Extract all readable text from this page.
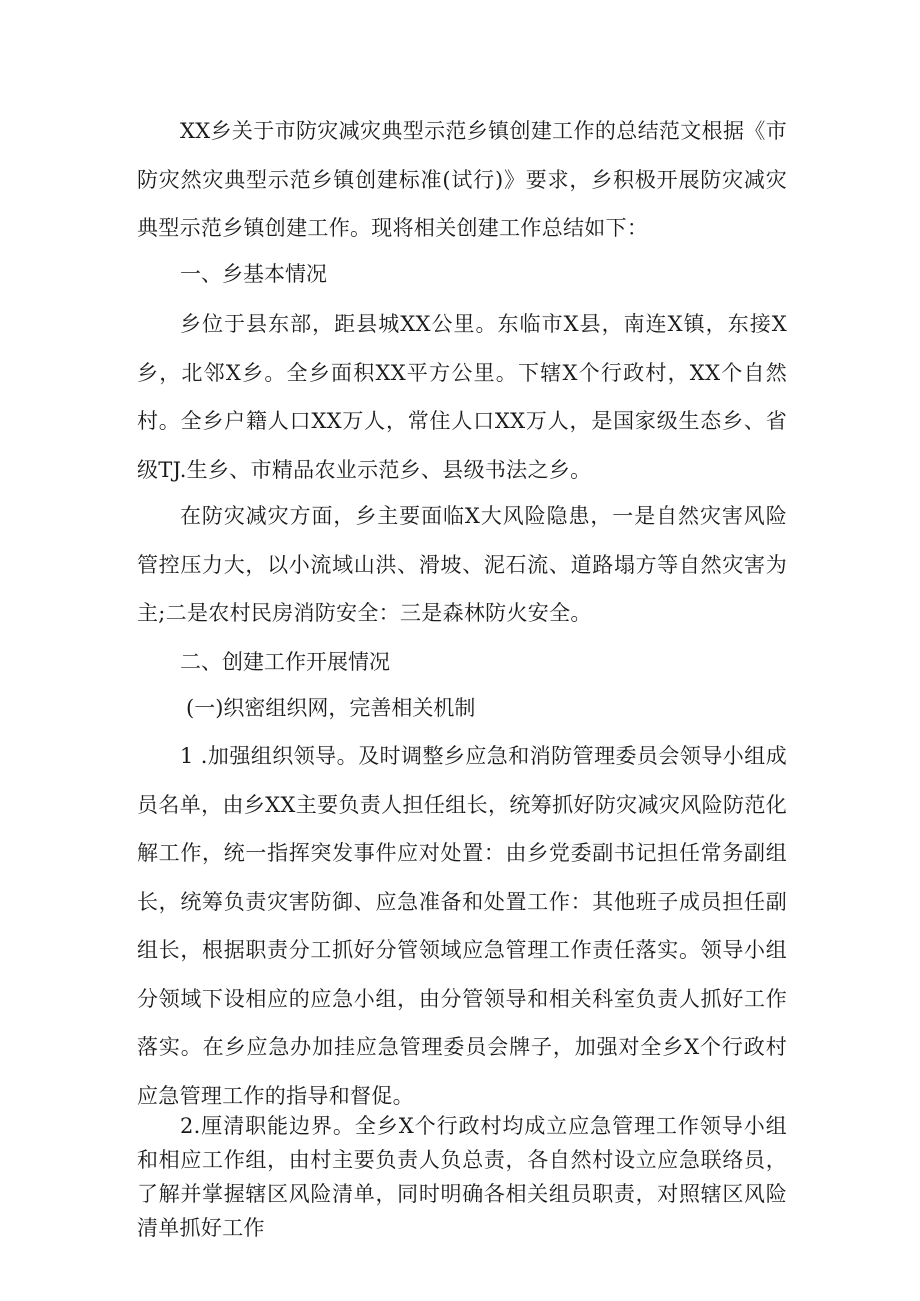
XX乡关于市防灾减灾典型示范乡镇创建工作的总结范文根据《市防灾然灾典型示范乡镇创建标准(试行)》要求，乡积极开展防灾减灾典型示范乡镇创建工作。现将相关创建工作总结如下：

一、乡基本情况

乡位于县东部，距县城XX公里。东临市X县，南连X镇，东接X乡，北邻X乡。全乡面积XX平方公里。下辖X个行政村，XX个自然村。全乡户籍人口XX万人，常住人口XX万人，是国家级生态乡、省级TJ.生乡、市精品农业示范乡、县级书法之乡。

在防灾减灾方面，乡主要面临X大风险隐患，一是自然灾害风险管控压力大，以小流域山洪、滑坡、泥石流、道路塌方等自然灾害为主;二是农村民房消防安全：三是森林防火安全。

二、创建工作开展情况

(一)织密组织网，完善相关机制

1 .加强组织领导。及时调整乡应急和消防管理委员会领导小组成员名单，由乡XX主要负责人担任组长，统筹抓好防灾减灾风险防范化解工作，统一指挥突发事件应对处置：由乡党委副书记担任常务副组长，统筹负责灾害防御、应急准备和处置工作：其他班子成员担任副组长，根据职责分工抓好分管领域应急管理工作责任落实。领导小组分领域下设相应的应急小组，由分管领导和相关科室负责人抓好工作落实。在乡应急办加挂应急管理委员会牌子，加强对全乡X个行政村应急管理工作的指导和督促。

2.厘清职能边界。全乡X个行政村均成立应急管理工作领导小组和相应工作组，由村主要负责人负总责，各自然村设立应急联络员，了解并掌握辖区风险清单，同时明确各相关组员职责，对照辖区风险清单抓好工作
